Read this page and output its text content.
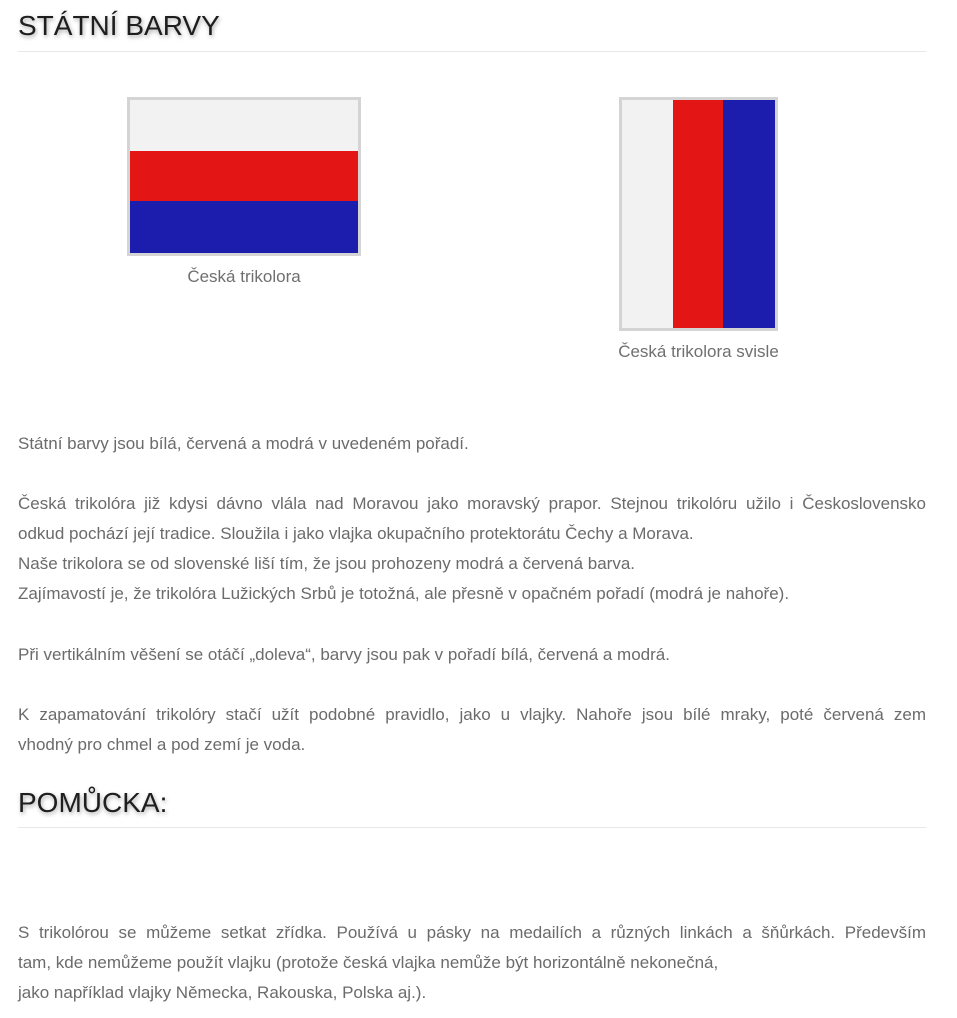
STÁTNÍ BARVY
Česká trikolora
Česká trikolora svisle

Státní barvy jsou bílá, červená a modrá v uvedeném pořadí.

Česká trikolóra již kdysi dávno vlála nad Moravou jako moravský prapor. Stejnou trikolóru užilo i Československo
odkud pochází její tradice. Sloužila i jako vlajka okupačního protektorátu Čechy a Morava.
Naše trikolora se od slovenské liší tím, že jsou prohozeny modrá a červená barva.
Zajímavostí je, že trikolóra Lužických Srbů je totožná, ale přesně v opačném pořadí (modrá je nahoře).

Při vertikálním věšení se otáčí „doleva“, barvy jsou pak v pořadí bílá, červená a modrá.

K zapamatování trikolóry stačí užít podobné pravidlo, jako u vlajky. Nahoře jsou bílé mraky, poté červená zem
vhodný pro chmel a pod zemí je voda.

POMŮCKA:

S trikolórou se můžeme setkat zřídka. Používá u pásky na medailích a různých linkách a šňůrkách. Především
tam, kde nemůžeme použít vlajku (protože česká vlajka nemůže být horizontálně nekonečná,
jako například vlajky Německa, Rakouska, Polska aj.).
